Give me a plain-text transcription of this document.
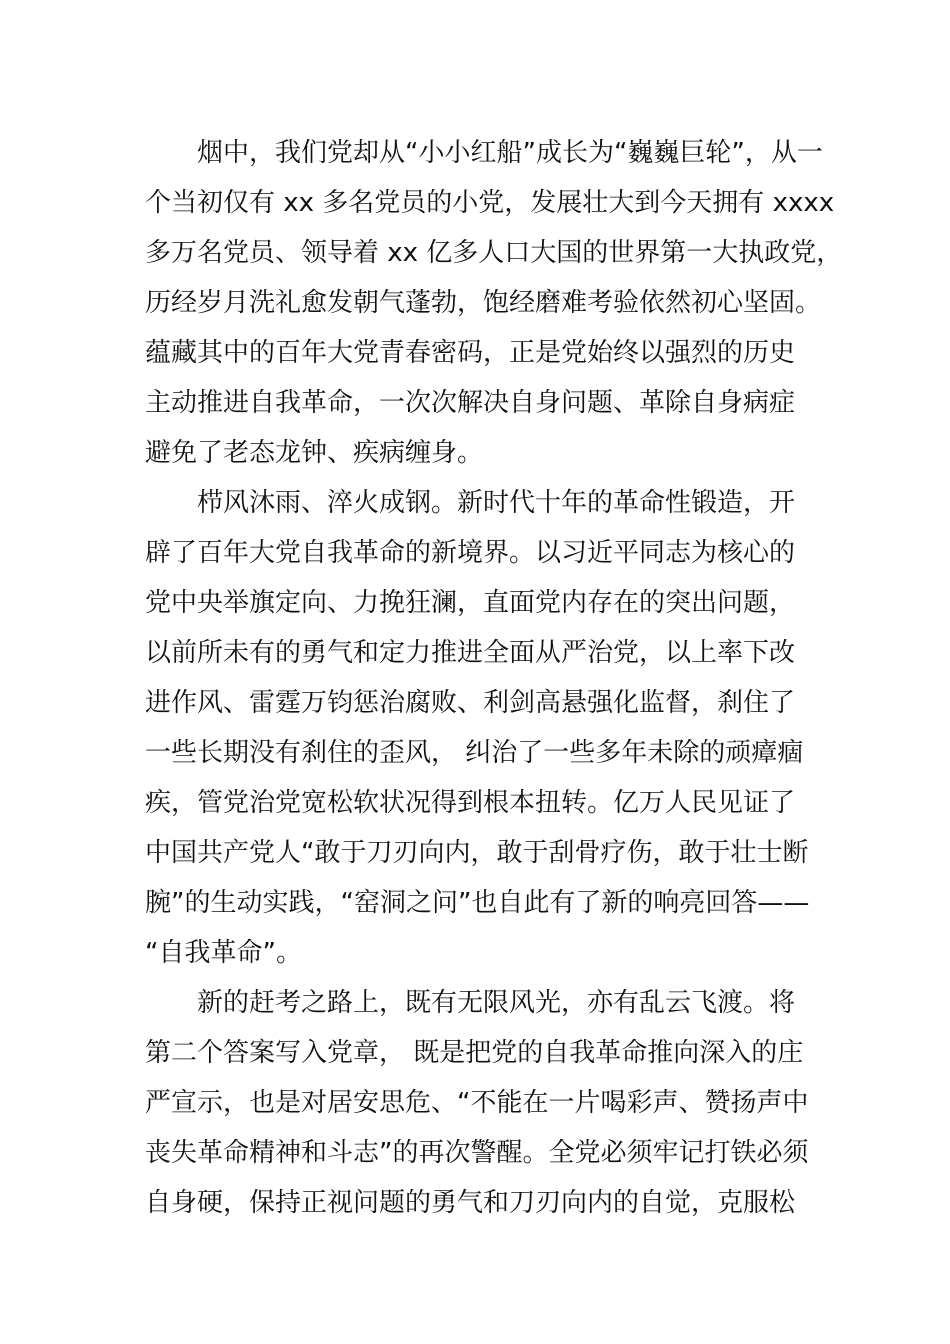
　　烟中，我们党却从“小小红船”成长为“巍巍巨轮”，从一
个当初仅有 xx 多名党员的小党，发展壮大到今天拥有 xxxx
多万名党员、领导着 xx 亿多人口大国的世界第一大执政党，
历经岁月洗礼愈发朝气蓬勃，饱经磨难考验依然初心坚固。
蕴藏其中的百年大党青春密码，正是党始终以强烈的历史
主动推进自我革命，一次次解决自身问题、革除自身病症
避免了老态龙钟、疾病缠身。
　　栉风沐雨、淬火成钢。新时代十年的革命性锻造，开
辟了百年大党自我革命的新境界。以习近平同志为核心的
党中央举旗定向、力挽狂澜，直面党内存在的突出问题，
以前所未有的勇气和定力推进全面从严治党，以上率下改
进作风、雷霆万钧惩治腐败、利剑高悬强化监督，刹住了
一些长期没有刹住的歪风， 纠治了一些多年未除的顽瘴痼
疾，管党治党宽松软状况得到根本扭转。亿万人民见证了
中国共产党人“敢于刀刃向内，敢于刮骨疗伤，敢于壮士断
腕”的生动实践，“窑洞之问”也自此有了新的响亮回答——
“自我革命”。
　　新的赶考之路上，既有无限风光，亦有乱云飞渡。将
第二个答案写入党章， 既是把党的自我革命推向深入的庄
严宣示，也是对居安思危、“不能在一片喝彩声、赞扬声中
丧失革命精神和斗志”的再次警醒。全党必须牢记打铁必须
自身硬，保持正视问题的勇气和刀刃向内的自觉，克服松
